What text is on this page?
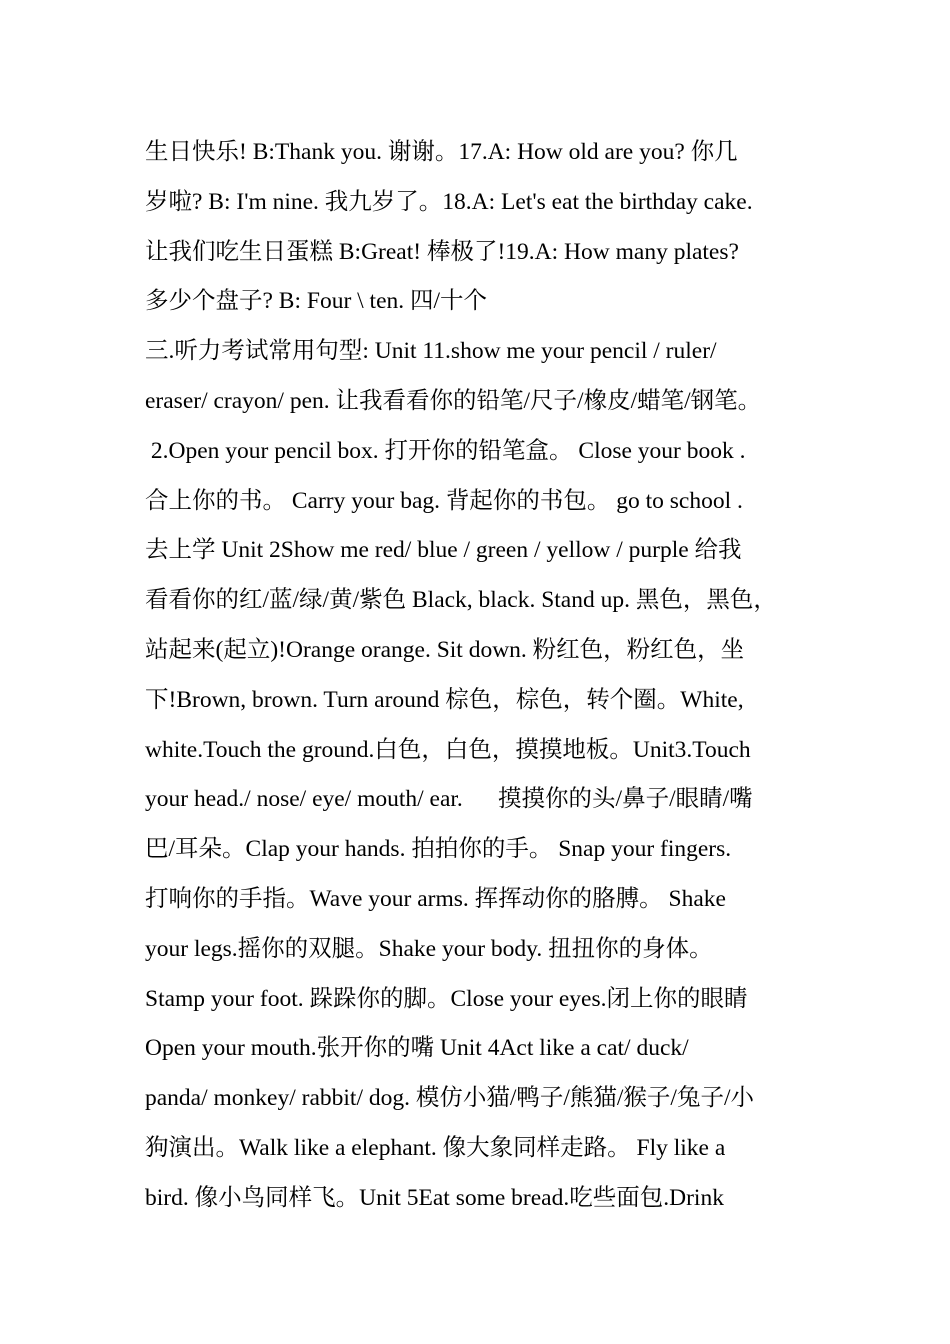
生日快乐! B:Thank you. 谢谢。17.A: How old are you? 你几
岁啦? B: I'm nine. 我九岁了。18.A: Let's eat the birthday cake.
让我们吃生日蛋糕 B:Great! 棒极了!19.A: How many plates?
多少个盘子? B: Four \ ten. 四/十个
三.听力考试常用句型: Unit 11.show me your pencil / ruler/
eraser/ crayon/ pen. 让我看看你的铅笔/尺子/橡皮/蜡笔/钢笔。
2.Open your pencil box. 打开你的铅笔盒。 Close your book .
合上你的书。 Carry your bag. 背起你的书包。 go to school .
去上学 Unit 2Show me red/ blue / green / yellow / purple 给我
看看你的红/蓝/绿/黄/紫色 Black, black. Stand up. 黑色，黑色，
站起来(起立)!Orange orange. Sit down. 粉红色，粉红色，坐
下!Brown, brown. Turn around 棕色，棕色，转个圈。White,
white.Touch the ground.白色，白色，摸摸地板。Unit3.Touch
your head./ nose/ eye/ mouth/ ear.      摸摸你的头/鼻子/眼睛/嘴
巴/耳朵。Clap your hands. 拍拍你的手。 Snap your fingers.
打响你的手指。Wave your arms. 挥挥动你的胳膊。 Shake
your legs.摇你的双腿。Shake your body. 扭扭你的身体。
Stamp your foot. 跺跺你的脚。Close your eyes.闭上你的眼睛
Open your mouth.张开你的嘴 Unit 4Act like a cat/ duck/
panda/ monkey/ rabbit/ dog. 模仿小猫/鸭子/熊猫/猴子/兔子/小
狗演出。Walk like a elephant. 像大象同样走路。 Fly like a
bird. 像小鸟同样飞。Unit 5Eat some bread.吃些面包.Drink
